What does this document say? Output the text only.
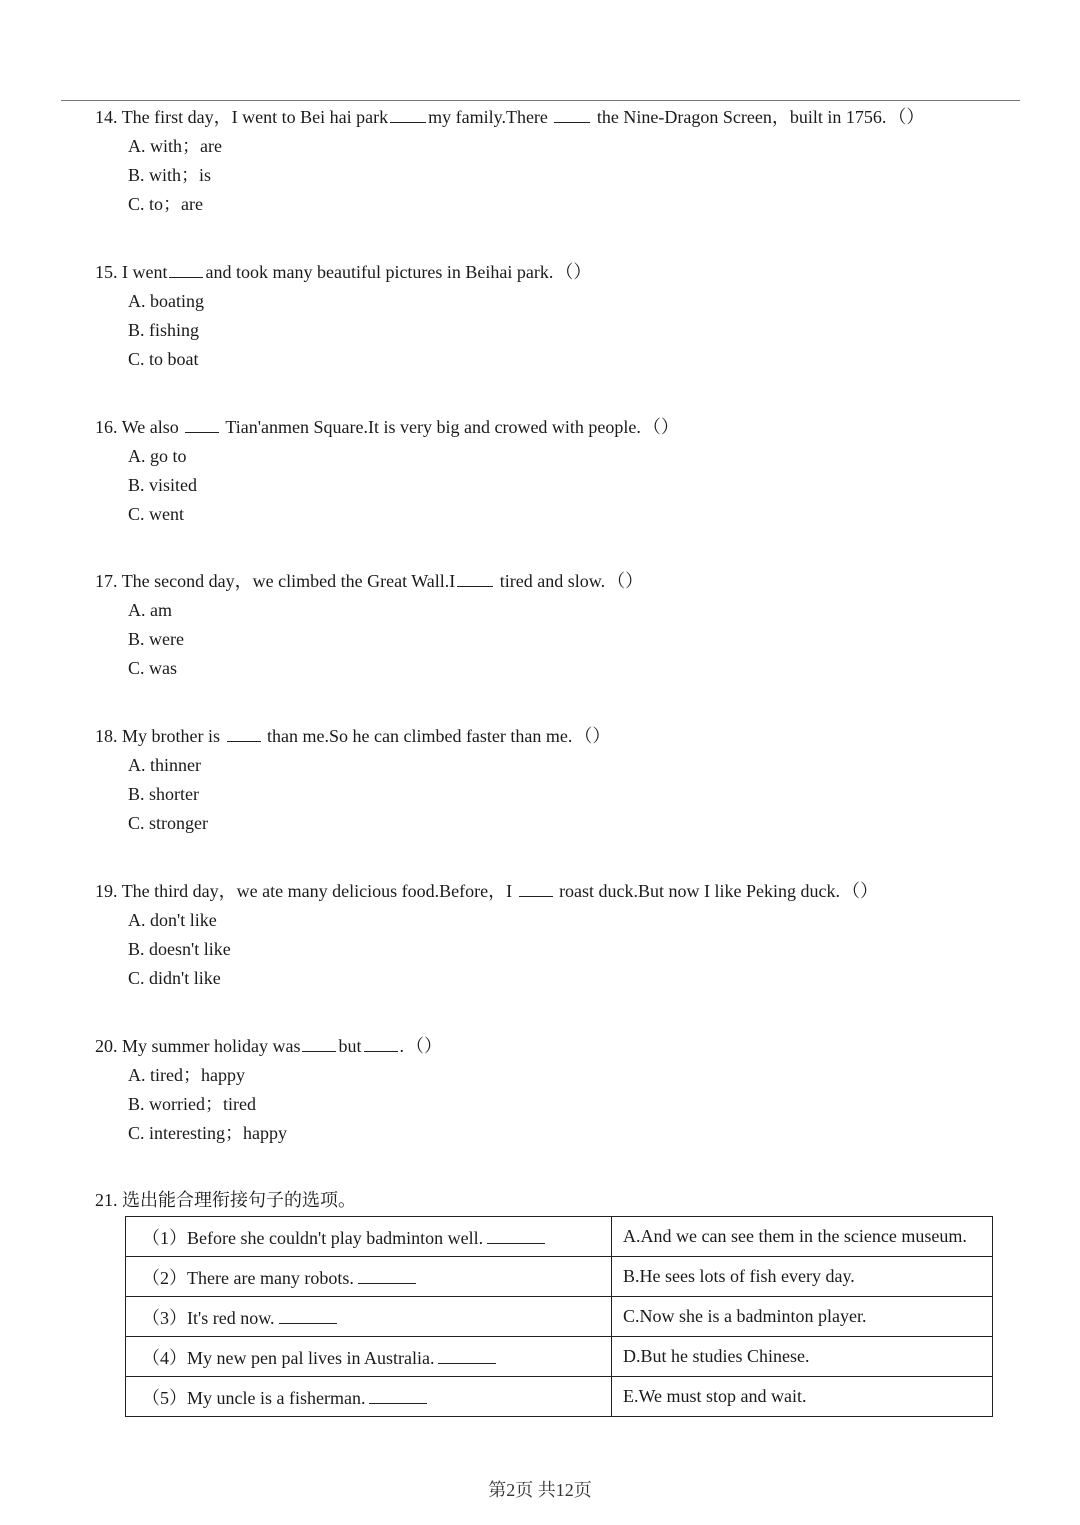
14. The first day，I went to Bei hai park my family.There	the Nine-Dragon Screen，built in 1756. （）
A. with；are
B. with；is
C. to；are
15. I went and took many beautiful pictures in Beihai park. （）
A. boating
B. fishing
C. to boat
16. We also	Tian'anmen Square.It is very big and crowed with people. （）
A. go to
B. visited
C. went
17. The second day，we climbed the Great Wall.I tired and slow. （）
A. am
B. were
C. was
18. My brother is	than me.So he can climbed faster than me. （）
A. thinner
B. shorter
C. stronger
19. The third day，we ate many delicious food.Before，I	roast duck.But now I like Peking duck. （）
A. don't like
B. doesn't like
C. didn't like
20. My summer holiday was but . （）
A. tired；happy
B. worried；tired
C. interesting；happy
21. 选出能合理衔接句子的选项。
（1）Before she couldn't play badminton well.	A.And we can see them in the science museum.
（2）There are many robots.	B.He sees lots of fish every day.
（3）It's red now.	C.Now she is a badminton player.
（4）My new pen pal lives in Australia.	D.But he studies Chinese.
（5）My uncle is a fisherman.	E.We must stop and wait.
第2页 共12页
